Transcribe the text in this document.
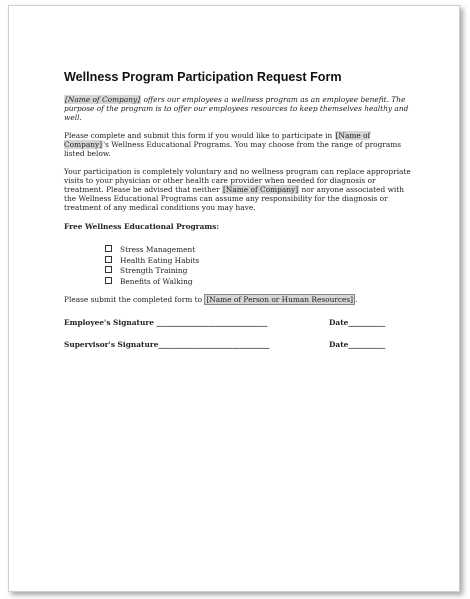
Wellness Program Participation Request Form

[Name of Company] offers our employees a wellness program as an employee benefit. The purpose of the program is to offer our employees resources to keep themselves healthy and well.

Please complete and submit this form if you would like to participate in [Name of Company]'s Wellness Educational Programs. You may choose from the range of programs listed below.

Your participation is completely voluntary and no wellness program can replace appropriate visits to your physician or other health care provider when needed for diagnosis or treatment. Please be advised that neither [Name of Company] nor anyone associated with the Wellness Educational Programs can assume any responsibility for the diagnosis or treatment of any medical conditions you may have.

Free Wellness Educational Programs:
Stress Management
Health Eating Habits
Strength Training
Benefits of Walking

Please submit the completed form to [Name of Person or Human Resources] .

Employee's Signature ______________________________	Date__________
Supervisor's Signature______________________________	Date__________
